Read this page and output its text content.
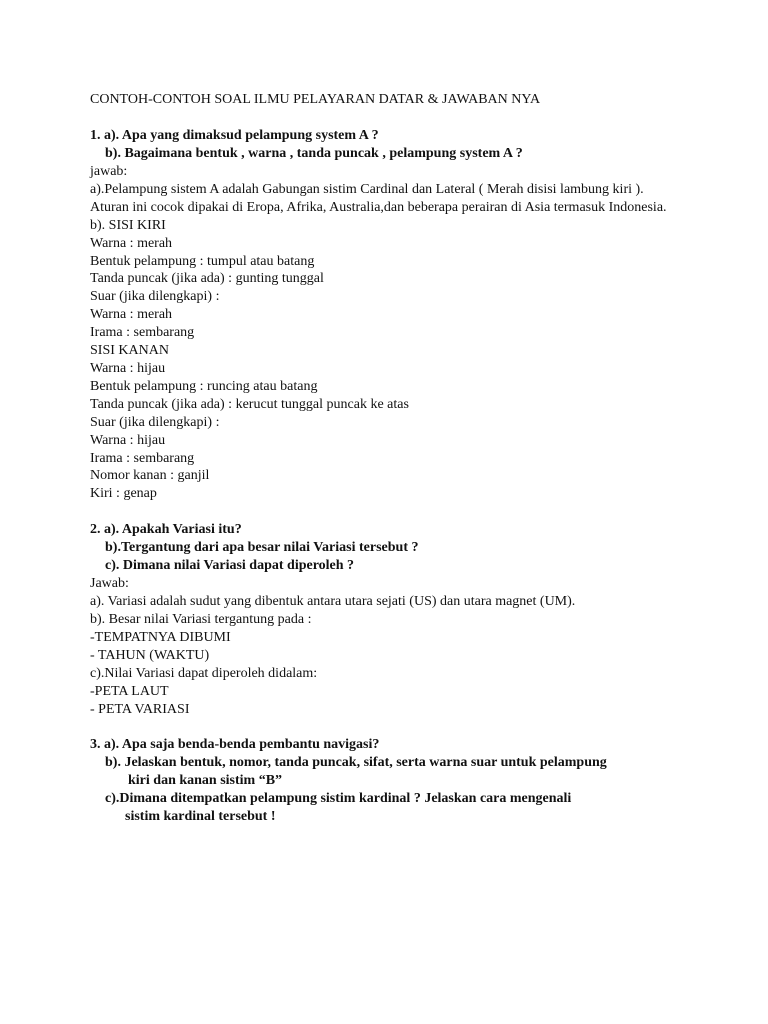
CONTOH-CONTOH SOAL ILMU PELAYARAN DATAR & JAWABAN NYA

1. a). Apa yang dimaksud pelampung system A ?

b). Bagaimana bentuk , warna , tanda puncak , pelampung system A ?

jawab:

a).Pelampung sistem A adalah Gabungan sistim Cardinal dan Lateral ( Merah disisi lambung kiri ). Aturan ini cocok dipakai di Eropa, Afrika, Australia,dan beberapa perairan di Asia termasuk Indonesia.

b). SISI KIRI

Warna : merah

Bentuk pelampung : tumpul atau batang

Tanda puncak (jika ada) : gunting tunggal

Suar (jika dilengkapi) :

Warna : merah

Irama : sembarang

SISI KANAN

Warna : hijau

Bentuk pelampung : runcing atau batang

Tanda puncak (jika ada) : kerucut tunggal puncak ke atas

Suar (jika dilengkapi) :

Warna : hijau

Irama : sembarang

Nomor kanan : ganjil

Kiri : genap

2. a). Apakah Variasi itu?

b).Tergantung dari apa besar nilai Variasi tersebut ?

c). Dimana nilai Variasi dapat diperoleh ?

Jawab:

a). Variasi adalah sudut yang dibentuk antara utara sejati (US) dan utara magnet (UM).

b). Besar nilai Variasi tergantung pada :

-TEMPATNYA DIBUMI

- TAHUN (WAKTU)

c).Nilai Variasi dapat diperoleh didalam:

-PETA LAUT

- PETA VARIASI

3. a). Apa saja benda-benda pembantu navigasi?

b). Jelaskan bentuk, nomor, tanda puncak, sifat, serta warna suar untuk pelampung

kiri dan kanan sistim “B”

c).Dimana ditempatkan pelampung sistim kardinal ? Jelaskan cara mengenali

sistim kardinal tersebut !
